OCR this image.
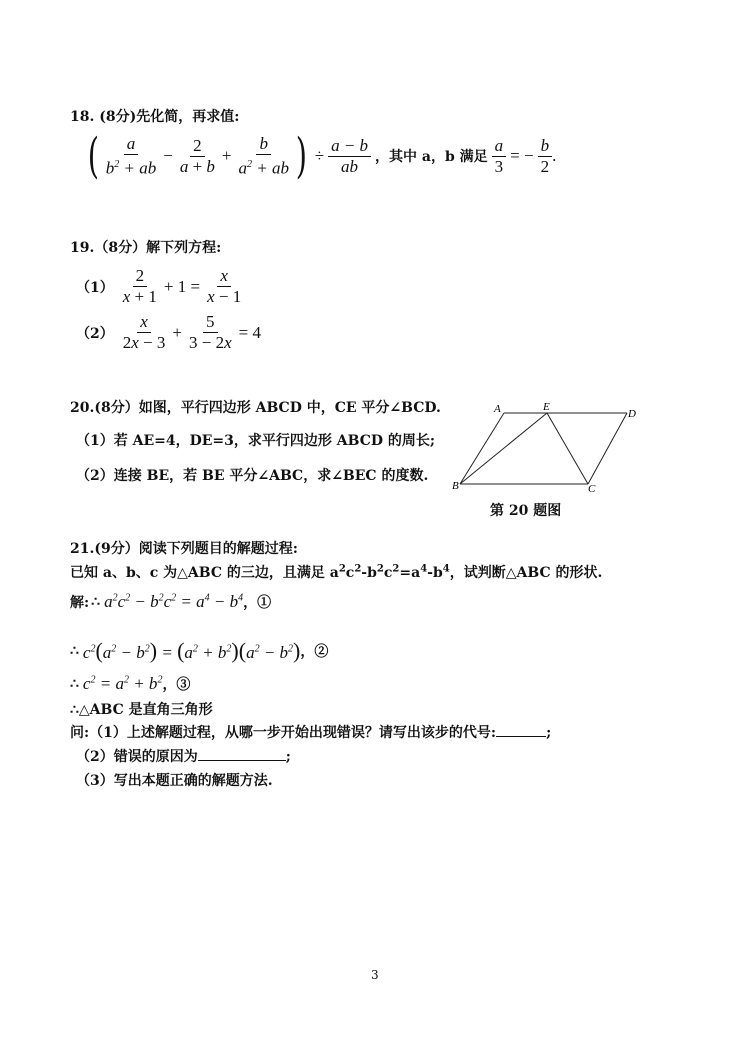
18. (8分)先化简，再求值:
( $\frac{a}{b^2 + ab} - \frac{2}{a + b} + \frac{b}{a^2 + ab}$ ) ÷ $\frac{a - b}{ab}$ ，其中 a，b 满足 $\frac{a}{3}$ = − $\frac{b}{2}$ .
19.（8分）解下列方程:
$(1) \frac{2}{x + 1} + 1 = \frac{x}{x - 1}$
$(2) \frac{x}{2x - 3} + \frac{5}{3 - 2x} = 4$
20.(8分）如图，平行四边形 ABCD 中，CE 平分∠BCD.
（1）若 AE=4，DE=3，求平行四边形 ABCD 的周长;
（2）连接 BE，若 BE 平分∠ABC，求∠BEC 的度数.
A	E
D
B	C
第 20 题图
21.(9分）阅读下列题目的解题过程:
已知 a、b、c 为△ABC 的三边，且满足 $a^2c^2-b^2c^2=a^4-b^4$，试判断△ABC 的形状.
解: ∴ $a^2c^2 - b^2c^2 = a^4 - b^4$ ，①
∴ $c^2(a^2 - b^2) = (a^2 + b^2)(a^2 - b^2)$ ，②
∴ $c^2 = a^2 + b^2$ ，③
∴△ABC 是直角三角形
问:（1）上述解题过程，从哪一步开始出现错误？请写出该步的代号:	;
（2）错误的原因为	;
（3）写出本题正确的解题方法.
3
